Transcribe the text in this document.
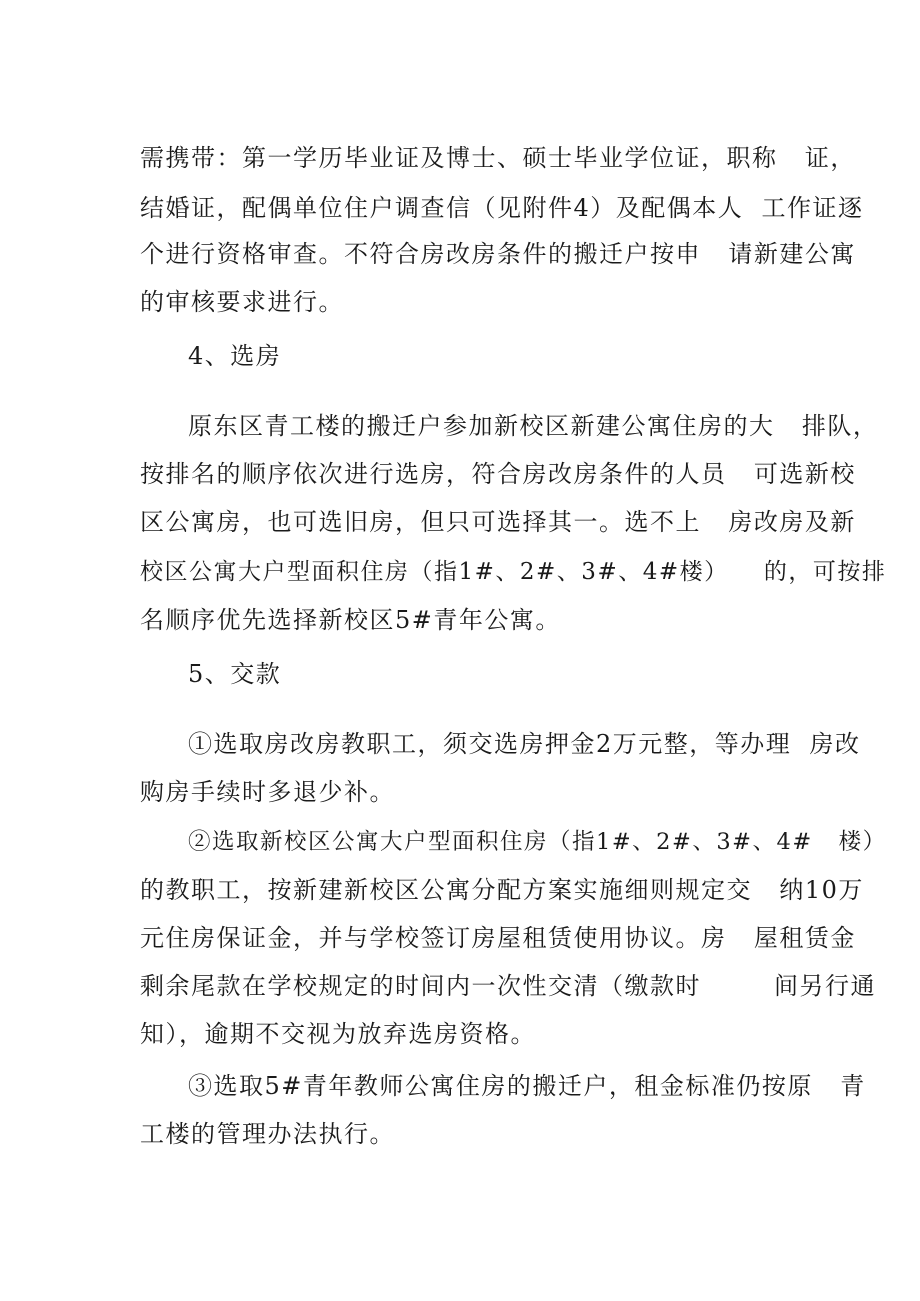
需携带：第一学历毕业证及博士、硕士毕业学位证，职称   证，
结婚证，配偶单位住户调查信（见附件4）及配偶本人  工作证逐
个进行资格审查。不符合房改房条件的搬迁户按申   请新建公寓
的审核要求进行。
4、选房
原东区青工楼的搬迁户参加新校区新建公寓住房的大   排队，
按排名的顺序依次进行选房，符合房改房条件的人员   可选新校
区公寓房，也可选旧房，但只可选择其一。选不上   房改房及新
校区公寓大户型面积住房（指1#、2#、3#、4#楼）    的，可按排
名顺序优先选择新校区5#青年公寓。
5、交款
①选取房改房教职工，须交选房押金2万元整，等办理  房改
购房手续时多退少补。
②选取新校区公寓大户型面积住房（指1#、2#、3#、4#   楼）
的教职工，按新建新校区公寓分配方案实施细则规定交   纳10万
元住房保证金，并与学校签订房屋租赁使用协议。房   屋租赁金
剩余尾款在学校规定的时间内一次性交清（缴款时        间另行通
知），逾期不交视为放弃选房资格。
③选取5#青年教师公寓住房的搬迁户，租金标准仍按原   青
工楼的管理办法执行。
